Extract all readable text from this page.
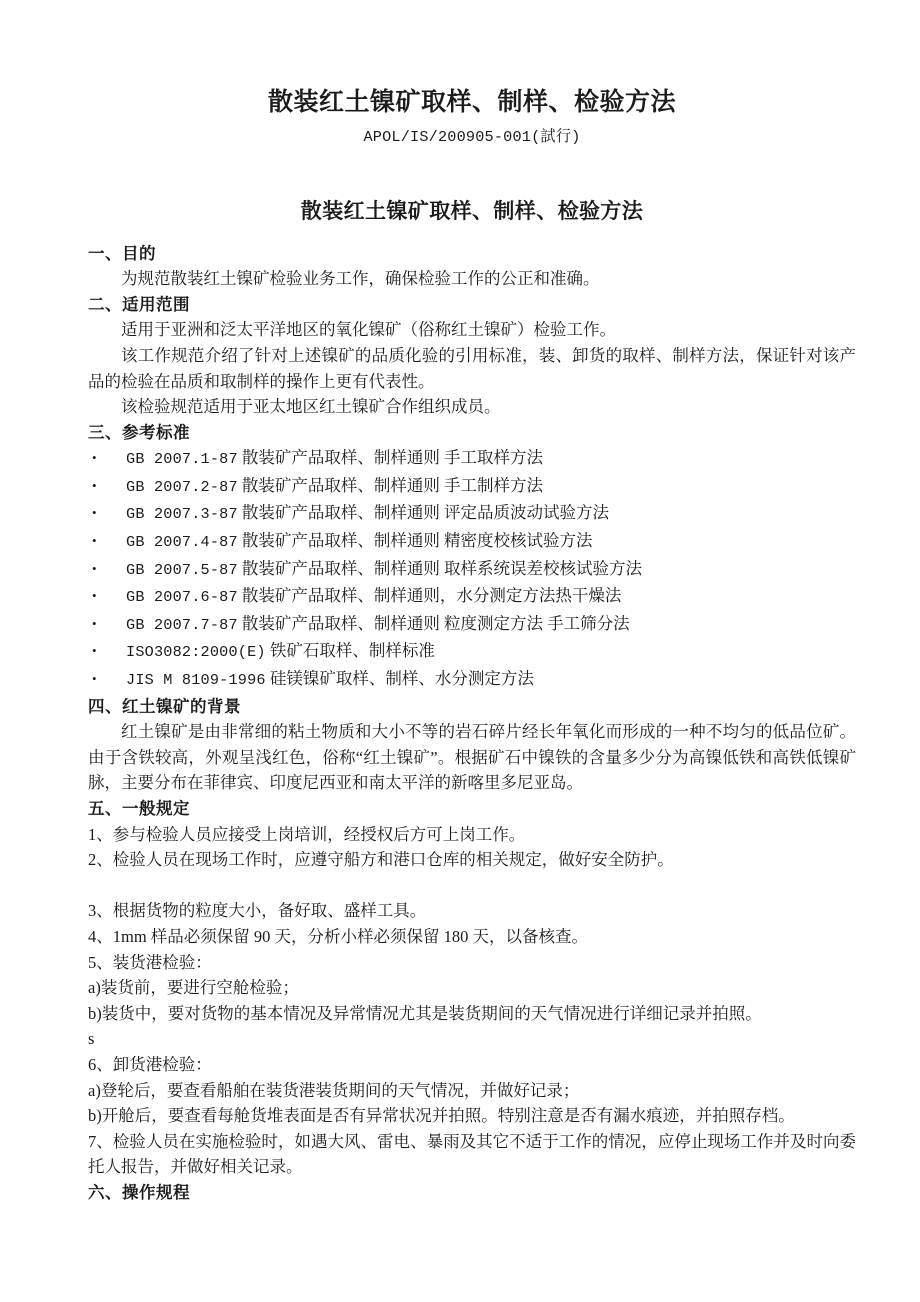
散装红土镍矿取样、制样、检验方法
APOL/IS/200905-001(試行)
散装红土镍矿取样、制样、检验方法
一、目的

为规范散装红土镍矿检验业务工作，确保检验工作的公正和准确。

二、适用范围

适用于亚洲和泛太平洋地区的氧化镍矿（俗称红土镍矿）检验工作。

该工作规范介绍了针对上述镍矿的品质化验的引用标准，装、卸货的取样、制样方法，保证针对该产品的检验在品质和取制样的操作上更有代表性。

该检验规范适用于亚太地区红土镍矿合作组织成员。

三、参考标准
• GB 2007.1-87 散装矿产品取样、制样通则 手工取样方法
• GB 2007.2-87 散装矿产品取样、制样通则 手工制样方法
• GB 2007.3-87 散装矿产品取样、制样通则 评定品质波动试验方法
• GB 2007.4-87 散装矿产品取样、制样通则 精密度校核试验方法
• GB 2007.5-87 散装矿产品取样、制样通则 取样系统误差校核试验方法
• GB 2007.6-87 散装矿产品取样、制样通则，水分测定方法热干燥法
• GB 2007.7-87 散装矿产品取样、制样通则 粒度测定方法 手工筛分法
• ISO3082:2000(E) 铁矿石取样、制样标准
• JIS M 8109-1996 硅镁镍矿取样、制样、水分测定方法
四、红土镍矿的背景

红土镍矿是由非常细的粘土物质和大小不等的岩石碎片经长年氧化而形成的一种不均匀的低品位矿。由于含铁较高，外观呈浅红色，俗称“红土镍矿”。根据矿石中镍铁的含量多少分为高镍低铁和高铁低镍矿脉，主要分布在菲律宾、印度尼西亚和南太平洋的新喀里多尼亚岛。

五、一般规定

1、参与检验人员应接受上岗培训，经授权后方可上岗工作。

2、检验人员在现场工作时，应遵守船方和港口仓库的相关规定，做好安全防护。

3、根据货物的粒度大小，备好取、盛样工具。

4、1mm 样品必须保留 90 天，分析小样必须保留 180 天，以备核查。

5、装货港检验：

a)装货前，要进行空舱检验；

b)装货中，要对货物的基本情况及异常情况尤其是装货期间的天气情况进行详细记录并拍照。

s

6、卸货港检验：

a)登轮后，要查看船舶在装货港装货期间的天气情况，并做好记录；

b)开舱后，要查看每舱货堆表面是否有异常状况并拍照。特别注意是否有漏水痕迹，并拍照存档。

7、检验人员在实施检验时，如遇大风、雷电、暴雨及其它不适于工作的情况，应停止现场工作并及时向委托人报告，并做好相关记录。

六、操作规程
